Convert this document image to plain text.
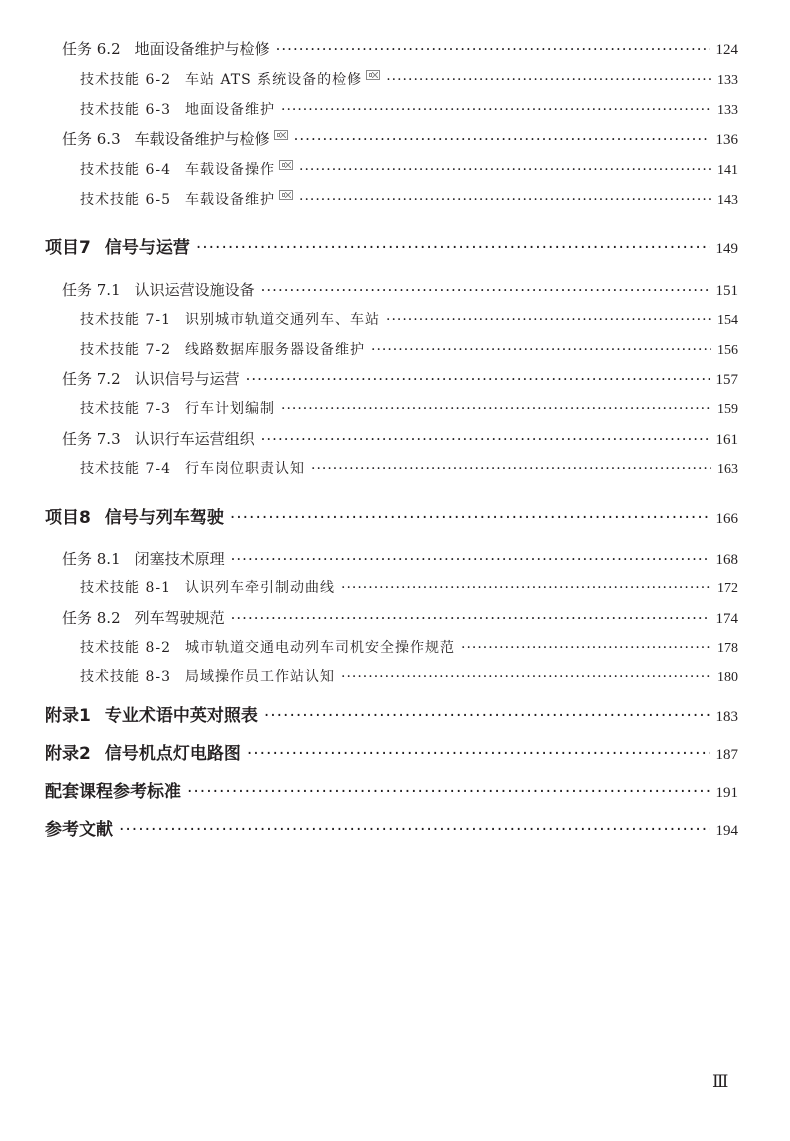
任务 6.2 地面设备维护与检修 ·····	124
技术技能 6-2 车站 ATS 系统设备的检修 ·····	133
技术技能 6-3 地面设备维护 ·····	133
任务 6.3 车载设备维护与检修 ·····	136
技术技能 6-4 车载设备操作 ·····	141
技术技能 6-5 车载设备维护 ·····	143
项目7 信号与运营 ·····	149
任务 7.1 认识运营设施设备 ·····	151
技术技能 7-1 识别城市轨道交通列车、车站 ·····	154
技术技能 7-2 线路数据库服务器设备维护 ·····	156
任务 7.2 认识信号与运营 ·····	157
技术技能 7-3 行车计划编制 ·····	159
任务 7.3 认识行车运营组织 ·····	161
技术技能 7-4 行车岗位职责认知 ·····	163
项目8 信号与列车驾驶 ·····	166
任务 8.1 闭塞技术原理 ·····	168
技术技能 8-1 认识列车牵引制动曲线 ·····	172
任务 8.2 列车驾驶规范 ·····	174
技术技能 8-2 城市轨道交通电动列车司机安全操作规范 ·····	178
技术技能 8-3 局域操作员工作站认知 ·····	180
附录1 专业术语中英对照表 ·····	183
附录2 信号机点灯电路图 ·····	187
配套课程参考标准 ·····	191
参考文献 ·····	194
Ⅲ
